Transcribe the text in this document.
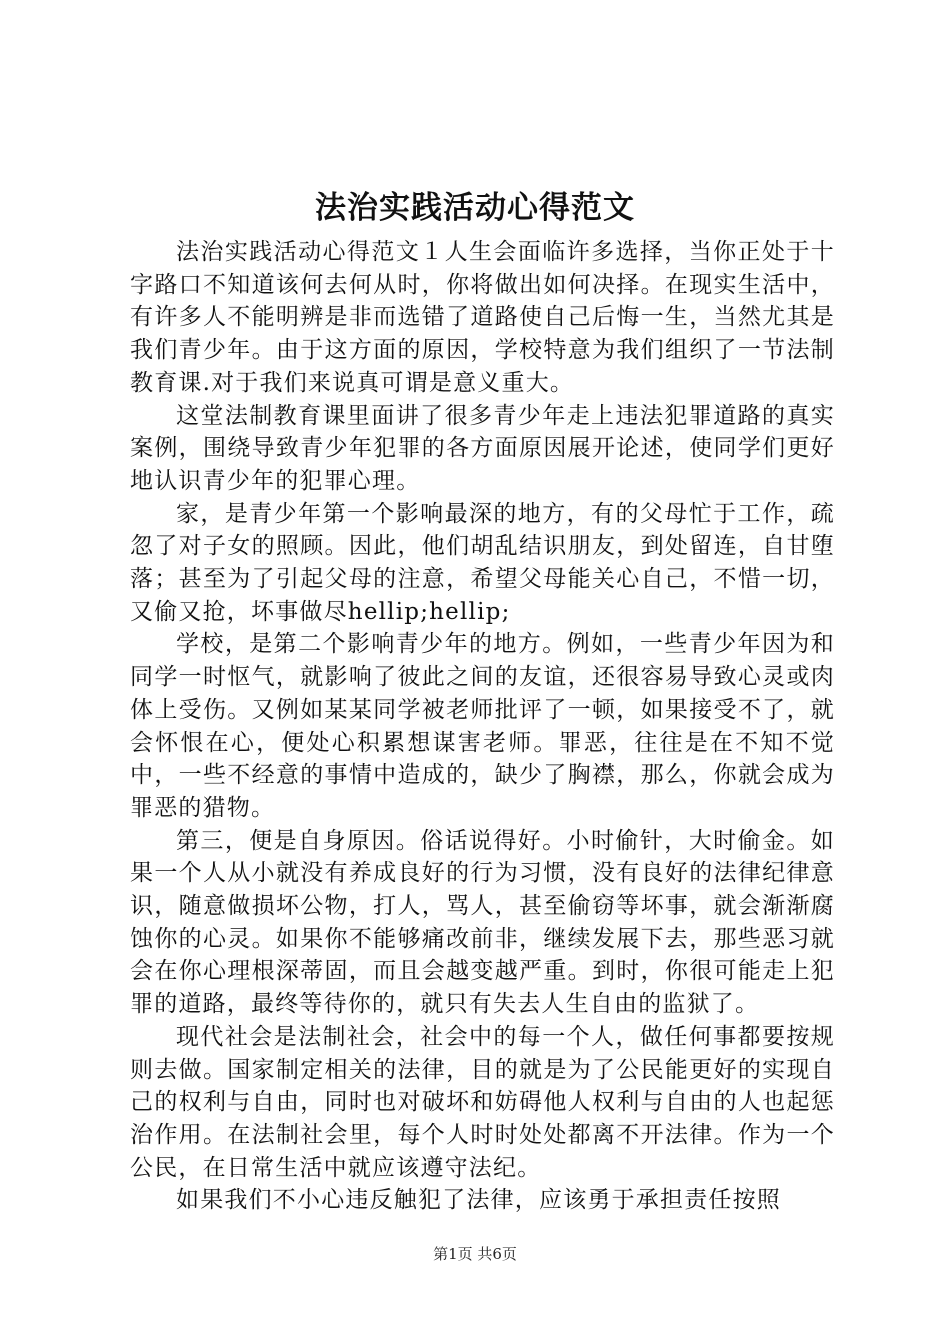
法治实践活动心得范文

法治实践活动心得范文１人生会面临许多选择，当你正处于十字路口不知道该何去何从时，你将做出如何决择。在现实生活中，有许多人不能明辨是非而选错了道路使自己后悔一生，当然尤其是我们青少年。由于这方面的原因，学校特意为我们组织了一节法制教育课.对于我们来说真可谓是意义重大。

这堂法制教育课里面讲了很多青少年走上违法犯罪道路的真实案例，围绕导致青少年犯罪的各方面原因展开论述，使同学们更好地认识青少年的犯罪心理。

家，是青少年第一个影响最深的地方，有的父母忙于工作，疏忽了对子女的照顾。因此，他们胡乱结识朋友，到处留连，自甘堕落；甚至为了引起父母的注意，希望父母能关心自己，不惜一切，又偷又抢，坏事做尽hellip;hellip;

学校，是第二个影响青少年的地方。例如，一些青少年因为和同学一时怄气，就影响了彼此之间的友谊，还很容易导致心灵或肉体上受伤。又例如某某同学被老师批评了一顿，如果接受不了，就会怀恨在心，便处心积累想谋害老师。罪恶，往往是在不知不觉中，一些不经意的事情中造成的，缺少了胸襟，那么，你就会成为罪恶的猎物。

第三，便是自身原因。俗话说得好。小时偷针，大时偷金。如果一个人从小就没有养成良好的行为习惯，没有良好的法律纪律意识，随意做损坏公物，打人，骂人，甚至偷窃等坏事，就会渐渐腐蚀你的心灵。如果你不能够痛改前非，继续发展下去，那些恶习就会在你心理根深蒂固，而且会越变越严重。到时，你很可能走上犯罪的道路，最终等待你的，就只有失去人生自由的监狱了。

现代社会是法制社会，社会中的每一个人，做任何事都要按规则去做。国家制定相关的法律，目的就是为了公民能更好的实现自己的权利与自由，同时也对破坏和妨碍他人权利与自由的人也起惩治作用。在法制社会里，每个人时时处处都离不开法律。作为一个公民，在日常生活中就应该遵守法纪。

如果我们不小心违反触犯了法律，应该勇于承担责任按照

第1页 共6页
